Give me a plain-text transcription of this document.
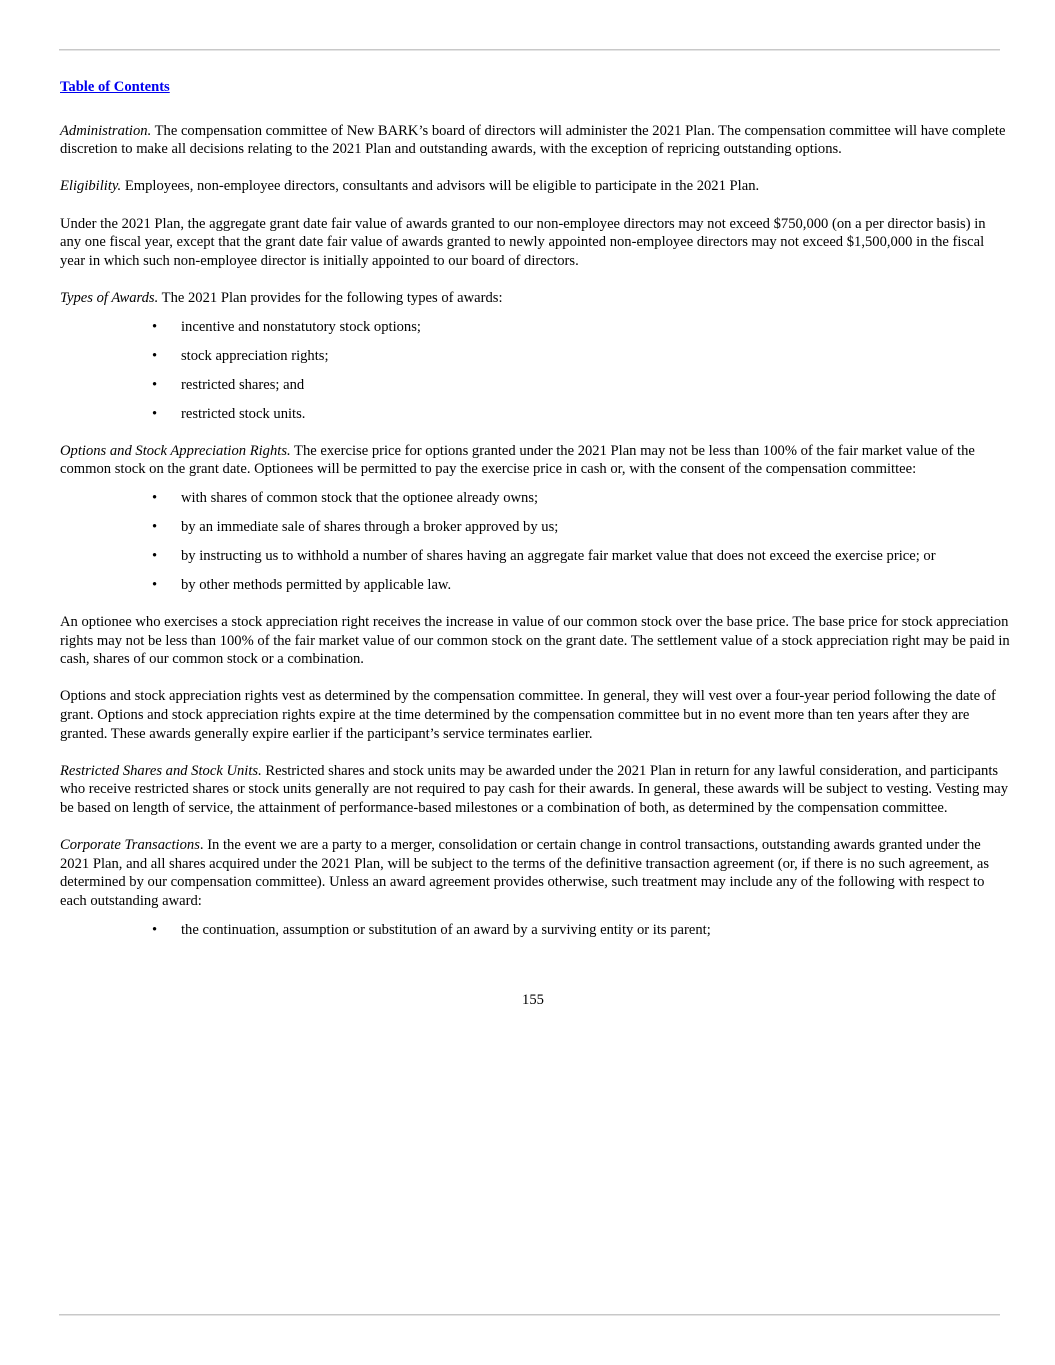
Table of Contents

Administration. The compensation committee of New BARK’s board of directors will administer the 2021 Plan. The compensation committee will have complete discretion to make all decisions relating to the 2021 Plan and outstanding awards, with the exception of repricing outstanding options.

Eligibility. Employees, non-employee directors, consultants and advisors will be eligible to participate in the 2021 Plan.

Under the 2021 Plan, the aggregate grant date fair value of awards granted to our non-employee directors may not exceed $750,000 (on a per director basis) in any one fiscal year, except that the grant date fair value of awards granted to newly appointed non-employee directors may not exceed $1,500,000 in the fiscal year in which such non-employee director is initially appointed to our board of directors.

Types of Awards. The 2021 Plan provides for the following types of awards:

• incentive and nonstatutory stock options;
• stock appreciation rights;
• restricted shares; and
• restricted stock units.

Options and Stock Appreciation Rights. The exercise price for options granted under the 2021 Plan may not be less than 100% of the fair market value of the common stock on the grant date. Optionees will be permitted to pay the exercise price in cash or, with the consent of the compensation committee:

• with shares of common stock that the optionee already owns;
• by an immediate sale of shares through a broker approved by us;
• by instructing us to withhold a number of shares having an aggregate fair market value that does not exceed the exercise price; or
• by other methods permitted by applicable law.

An optionee who exercises a stock appreciation right receives the increase in value of our common stock over the base price. The base price for stock appreciation rights may not be less than 100% of the fair market value of our common stock on the grant date. The settlement value of a stock appreciation right may be paid in cash, shares of our common stock or a combination.

Options and stock appreciation rights vest as determined by the compensation committee. In general, they will vest over a four-year period following the date of grant. Options and stock appreciation rights expire at the time determined by the compensation committee but in no event more than ten years after they are granted. These awards generally expire earlier if the participant’s service terminates earlier.

Restricted Shares and Stock Units. Restricted shares and stock units may be awarded under the 2021 Plan in return for any lawful consideration, and participants who receive restricted shares or stock units generally are not required to pay cash for their awards. In general, these awards will be subject to vesting. Vesting may be based on length of service, the attainment of performance-based milestones or a combination of both, as determined by the compensation committee.

Corporate Transactions. In the event we are a party to a merger, consolidation or certain change in control transactions, outstanding awards granted under the 2021 Plan, and all shares acquired under the 2021 Plan, will be subject to the terms of the definitive transaction agreement (or, if there is no such agreement, as determined by our compensation committee). Unless an award agreement provides otherwise, such treatment may include any of the following with respect to each outstanding award:

• the continuation, assumption or substitution of an award by a surviving entity or its parent;
155
